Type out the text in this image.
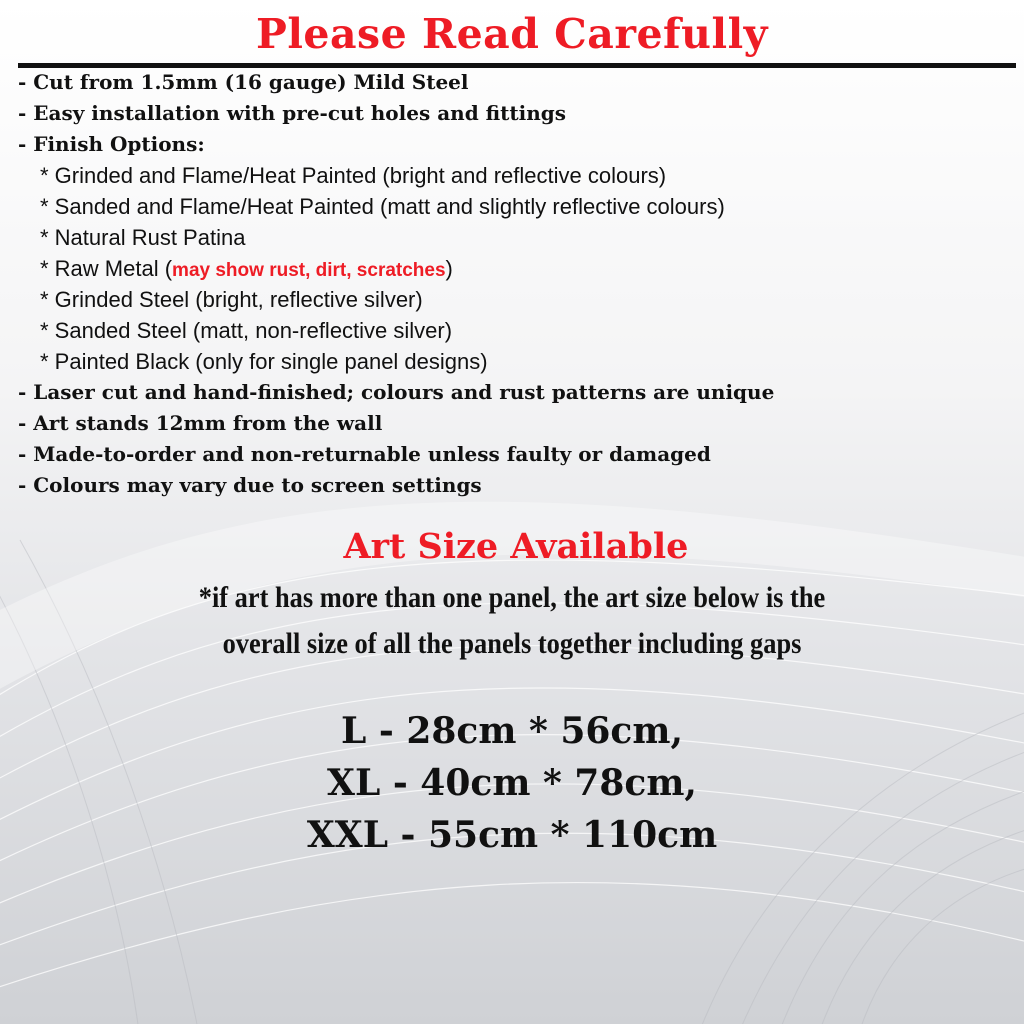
Please Read Carefully
- Cut from 1.5mm (16 gauge) Mild Steel
- Easy installation with pre-cut holes and fittings
- Finish Options:
* Grinded and Flame/Heat Painted (bright and reflective colours)
* Sanded and Flame/Heat Painted (matt and slightly reflective colours)
* Natural Rust Patina
* Raw Metal (may show rust, dirt, scratches)
* Grinded Steel (bright, reflective silver)
* Sanded Steel (matt, non-reflective silver)
* Painted Black (only for single panel designs)
- Laser cut and hand-finished; colours and rust patterns are unique
- Art stands 12mm from the wall
- Made-to-order and non-returnable unless faulty or damaged
- Colours may vary due to screen settings
Art Size Available
*if art has more than one panel, the art size below is the
overall size of all the panels together including gaps
L - 28cm * 56cm,
XL - 40cm * 78cm,
XXL - 55cm * 110cm
